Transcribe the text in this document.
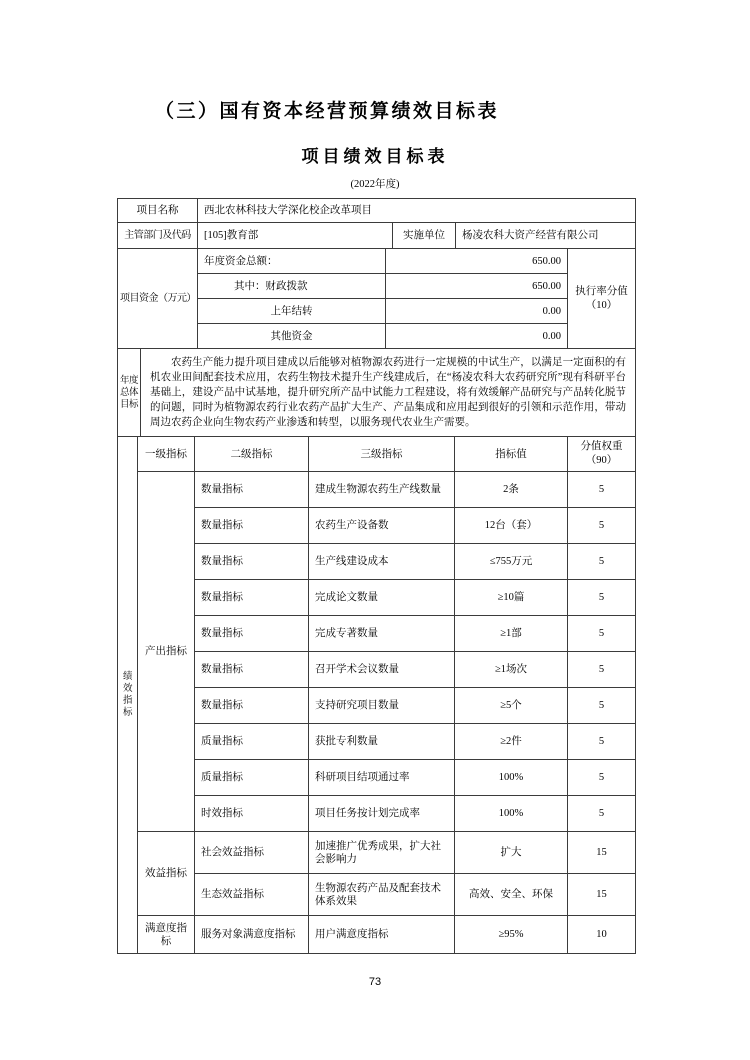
（三）国有资本经营预算绩效目标表
项目绩效目标表
(2022年度)
项目名称	西北农林科技大学深化校企改革项目		
主管部门及代码	[105]教育部	实施单位	杨凌农科大资产经营有限公司
项目资金（万元）	年度资金总额：	650.00	执行率分值
（10）

	其中：财政拨款	650.00	
	上年结转	0.00	
	其他资金	0.00	
年度总体目标	

农药生产能力提升项目建成以后能够对植物源农药进行一定规模的中试生产，以满足一定面积的有机农业田间配套技术应用，农药生物技术提升生产线建成后，在“杨凌农科大农药研究所”现有科研平台基础上，建设产品中试基地，提升研究所产品中试能力工程建设，将有效缓解产品研究与产品转化脱节的问题，同时为植物源农药行业农药产品扩大生产、产品集成和应用起到很好的引领和示范作用，带动周边农药企业向生物农药产业渗透和转型，以服务现代农业生产需要。

绩效指标	一级指标	二级指标	三级指标	指标值	分值权重
（90）

	产出指标	数量指标	建成生物源农药生产线数量	2条	5
		数量指标	农药生产设备数	12台（套）	5
		数量指标	生产线建设成本	≤755万元	5
		数量指标	完成论文数量	≥10篇	5
		数量指标	完成专著数量	≥1部	5
		数量指标	召开学术会议数量	≥1场次	5
		数量指标	支持研究项目数量	≥5个	5
		质量指标	获批专利数量	≥2件	5
		质量指标	科研项目结项通过率	100%	5
		时效指标	项目任务按计划完成率	100%	5
	效益指标	社会效益指标	加速推广优秀成果，扩大社会影响力	扩大	15
		生态效益指标	生物源农药产品及配套技术体系效果	高效、安全、环保	15
	满意度指标	服务对象满意度指标	用户满意度指标	≥95%	10
73
